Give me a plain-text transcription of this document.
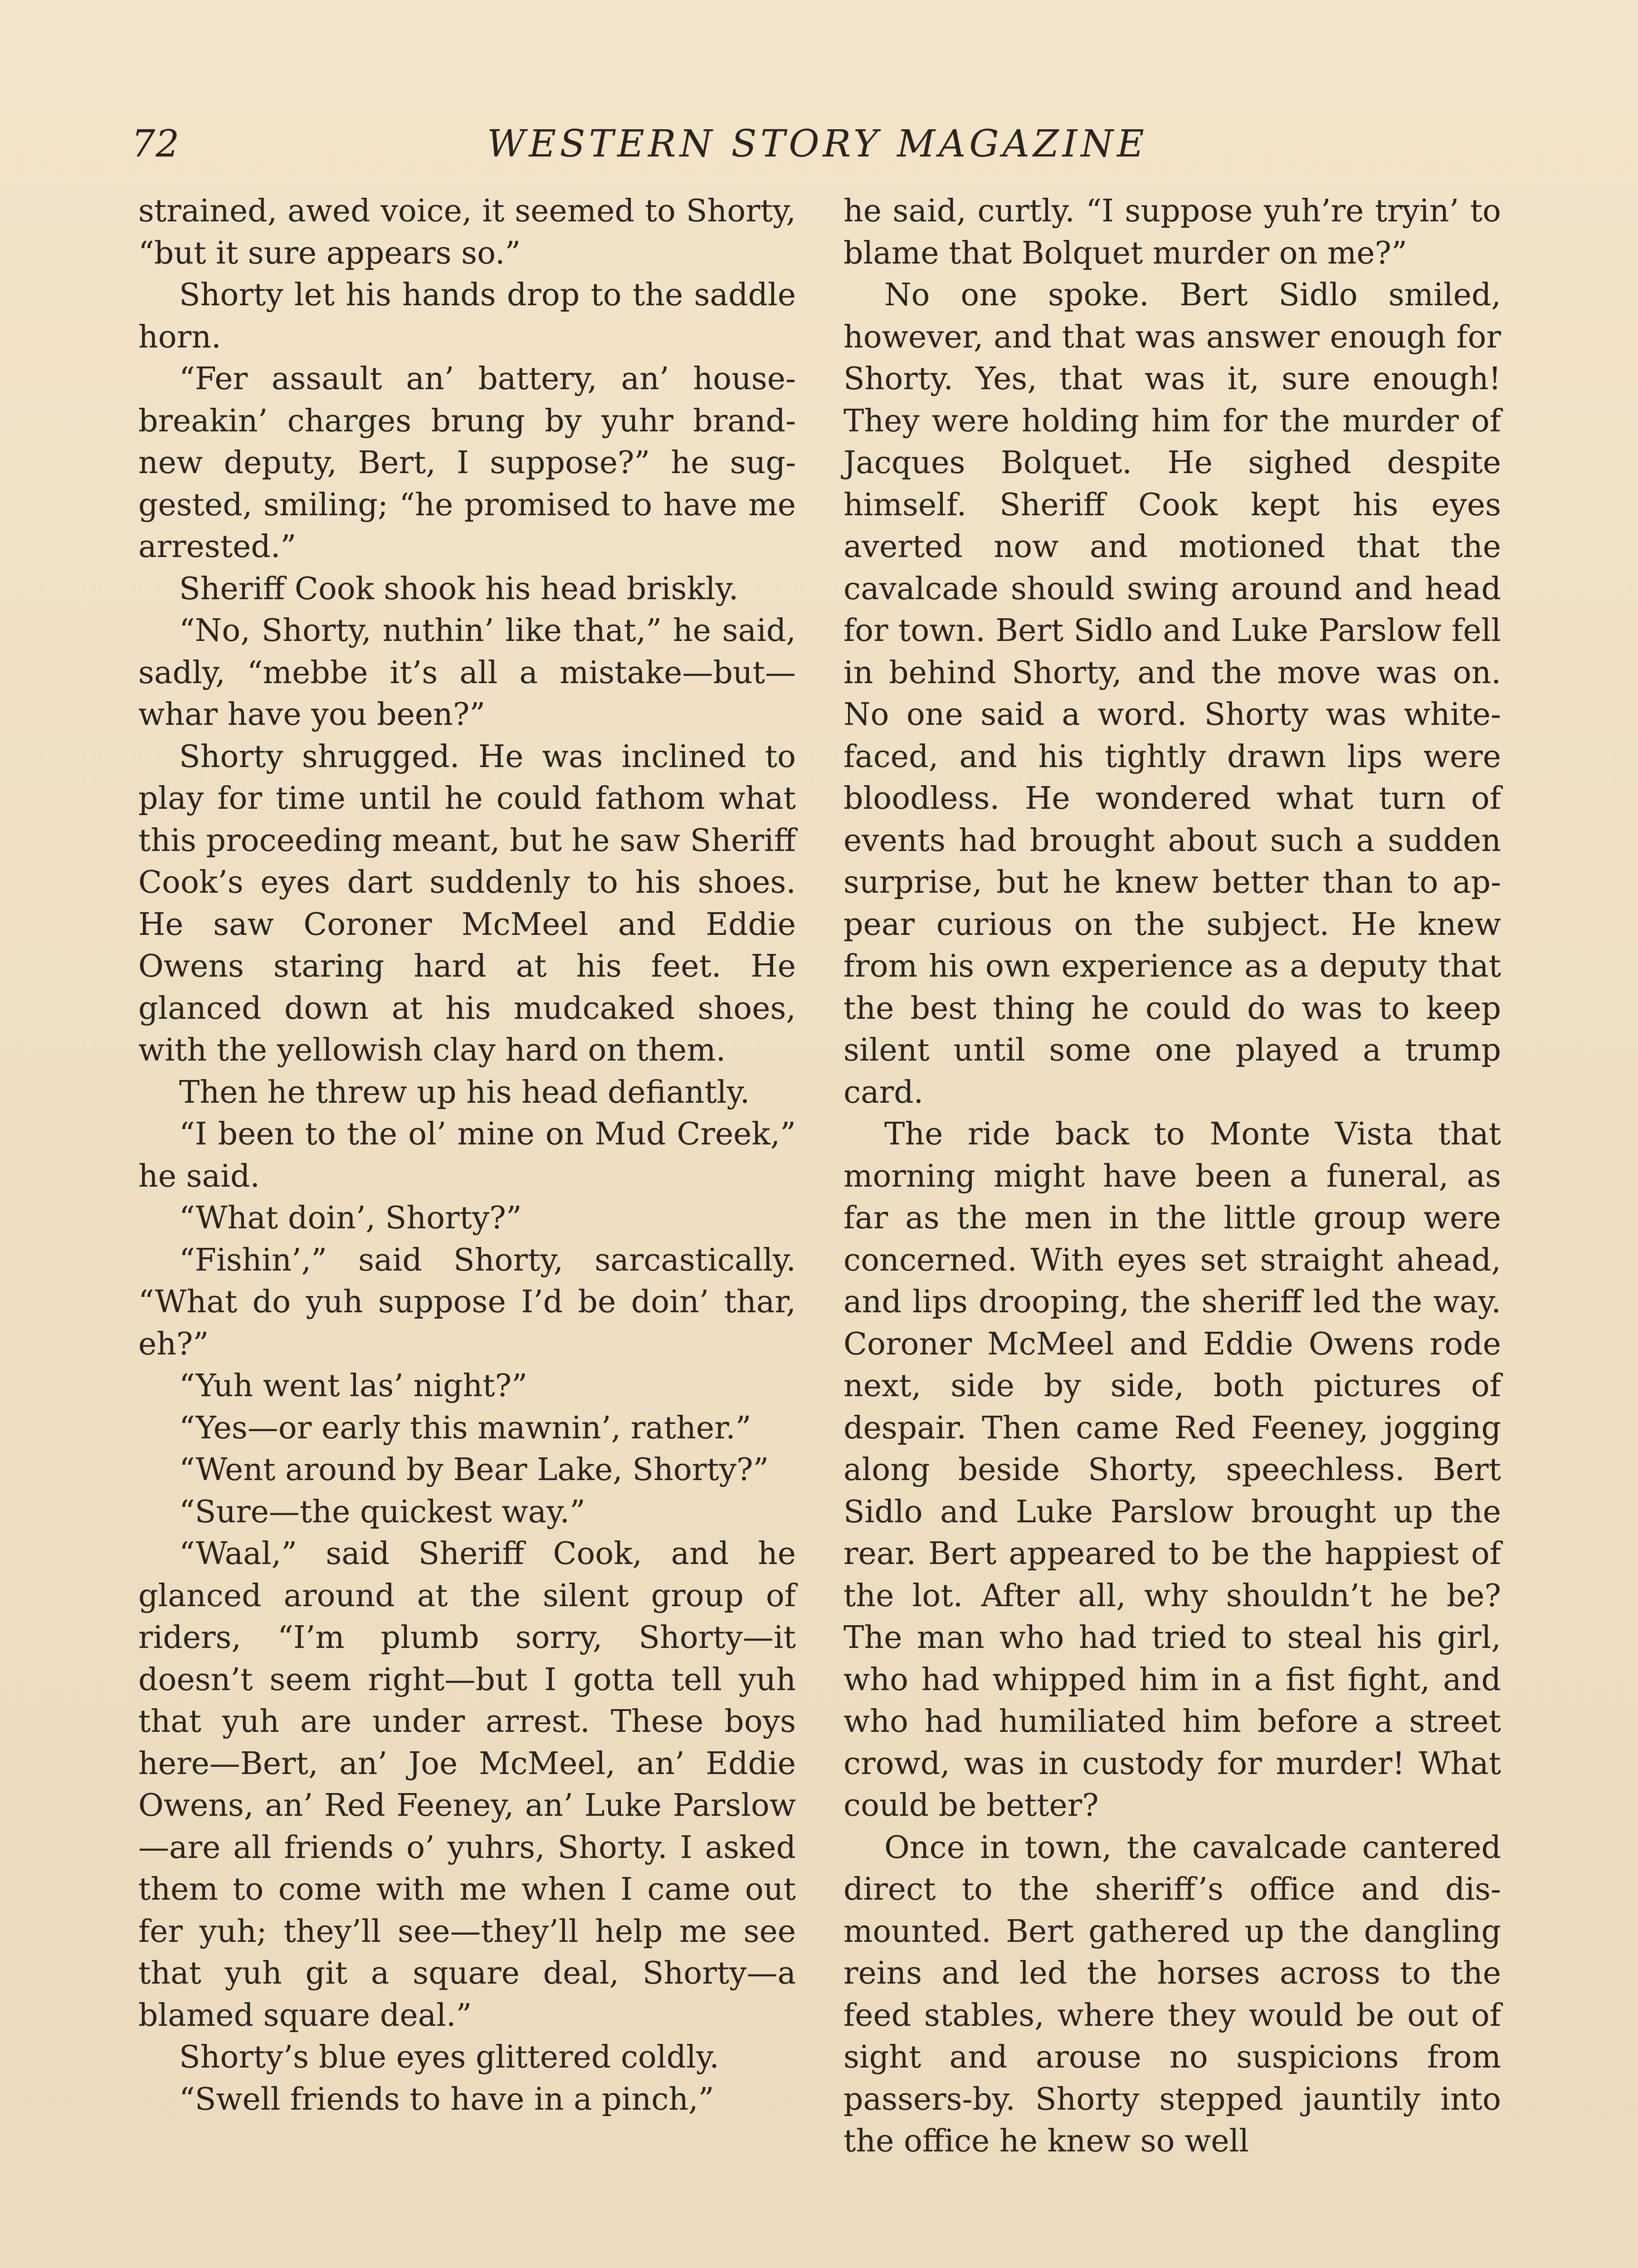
72	WESTERN STORY MAGAZINE

strained, awed voice, it seemed to Shorty, “but it sure appears so.”

Shorty let his hands drop to the saddle horn.

“Fer assault an’ battery, an’ housebreakin’ charges brung by yuhr brand-new deputy, Bert, I suppose?” he suggested, smiling; “he promised to have me arrested.”

Sheriff Cook shook his head briskly.

“No, Shorty, nuthin’ like that,” he said, sadly, “mebbe it’s all a mistake—but—whar have you been?”

Shorty shrugged. He was inclined to play for time until he could fathom what this proceeding meant, but he saw Sheriff Cook’s eyes dart suddenly to his shoes. He saw Coroner McMeel and Eddie Owens staring hard at his feet. He glanced down at his mudcaked shoes, with the yellowish clay hard on them.

Then he threw up his head defiantly.

“I been to the ol’ mine on Mud Creek,” he said.

“What doin’, Shorty?”

“Fishin’,” said Shorty, sarcastically. “What do yuh suppose I’d be doin’ thar, eh?”

“Yuh went las’ night?”

“Yes—or early this mawnin’, rather.”

“Went around by Bear Lake, Shorty?”

“Sure—the quickest way.”

“Waal,” said Sheriff Cook, and he glanced around at the silent group of riders, “I’m plumb sorry, Shorty—it doesn’t seem right—but I gotta tell yuh that yuh are under arrest. These boys here—Bert, an’ Joe McMeel, an’ Eddie Owens, an’ Red Feeney, an’ Luke Parslow—are all friends o’ yuhrs, Shorty. I asked them to come with me when I came out fer yuh; they’ll see—they’ll help me see that yuh git a square deal, Shorty—a blamed square deal.”

Shorty’s blue eyes glittered coldly.

“Swell friends to have in a pinch,”

he said, curtly. “I suppose yuh’re tryin’ to blame that Bolquet murder on me?”

No one spoke. Bert Sidlo smiled, however, and that was answer enough for Shorty. Yes, that was it, sure enough! They were holding him for the murder of Jacques Bolquet. He sighed despite himself. Sheriff Cook kept his eyes averted now and motioned that the cavalcade should swing around and head for town. Bert Sidlo and Luke Parslow fell in behind Shorty, and the move was on. No one said a word. Shorty was white-faced, and his tightly drawn lips were bloodless. He wondered what turn of events had brought about such a sudden surprise, but he knew better than to appear curious on the subject. He knew from his own experience as a deputy that the best thing he could do was to keep silent until some one played a trump card.

The ride back to Monte Vista that morning might have been a funeral, as far as the men in the little group were concerned. With eyes set straight ahead, and lips drooping, the sheriff led the way. Coroner McMeel and Eddie Owens rode next, side by side, both pictures of despair. Then came Red Feeney, jogging along beside Shorty, speechless. Bert Sidlo and Luke Parslow brought up the rear. Bert appeared to be the happiest of the lot. After all, why shouldn’t he be? The man who had tried to steal his girl, who had whipped him in a fist fight, and who had humiliated him before a street crowd, was in custody for murder! What could be better?

Once in town, the cavalcade cantered direct to the sheriff’s office and dismounted. Bert gathered up the dangling reins and led the horses across to the feed stables, where they would be out of sight and arouse no suspicions from passers-by. Shorty stepped jauntily into the office he knew so well
